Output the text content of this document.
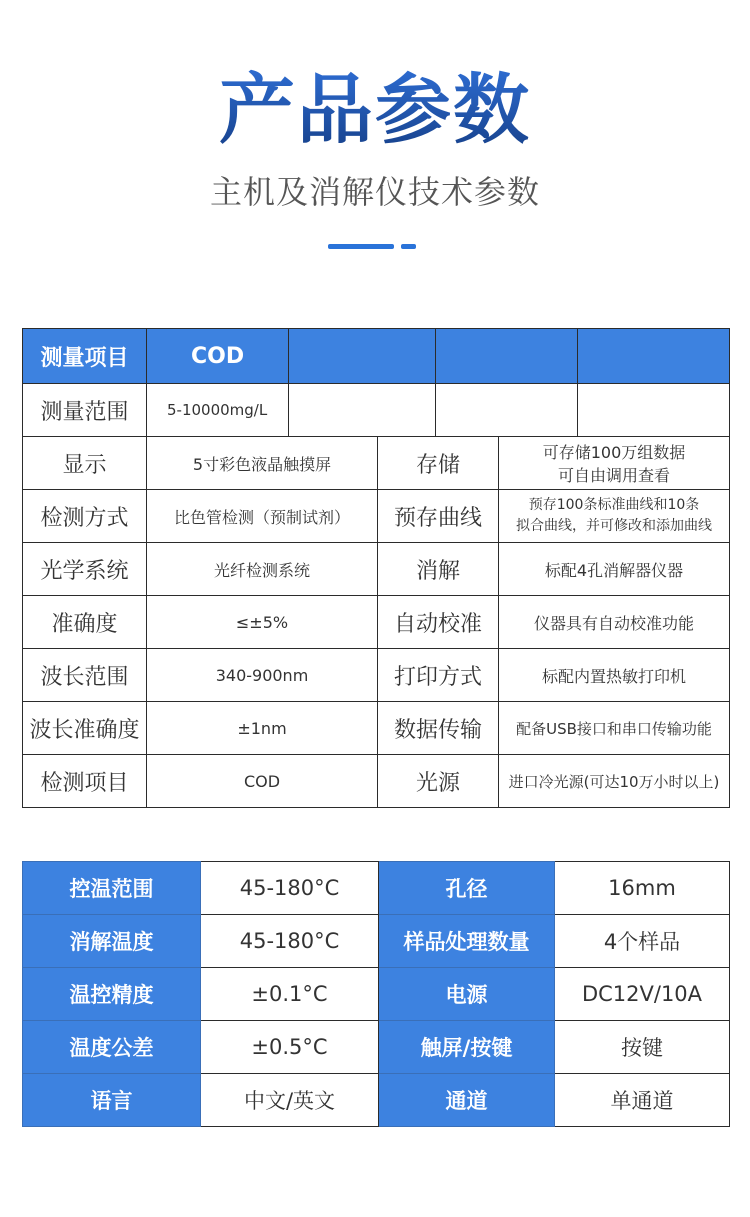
产品参数
主机及消解仪技术参数
测量项目	COD					
测量范围	5-10000mg/L					
显示	5寸彩色液晶触摸屏		存储		可存储100万组数据
可自由调用查看	

检测方式	比色管检测（预制试剂）		预存曲线		预存100条标准曲线和10条
拟合曲线，并可修改和添加曲线	

光学系统	光纤检测系统		消解		标配4孔消解器仪器	
准确度	≤±5%		自动校准		仪器具有自动校准功能	
波长范围	340-900nm		打印方式		标配内置热敏打印机	
波长准确度	±1nm		数据传输		配备USB接口和串口传输功能	
检测项目	COD		光源		进口冷光源(可达10万小时以上)	
控温范围	45-180°C	孔径	16mm
消解温度	45-180°C	样品处理数量	4个样品
温控精度	±0.1°C	电源	DC12V/10A
温度公差	±0.5°C	触屏/按键	按键
语言	中文/英文	通道	单通道
